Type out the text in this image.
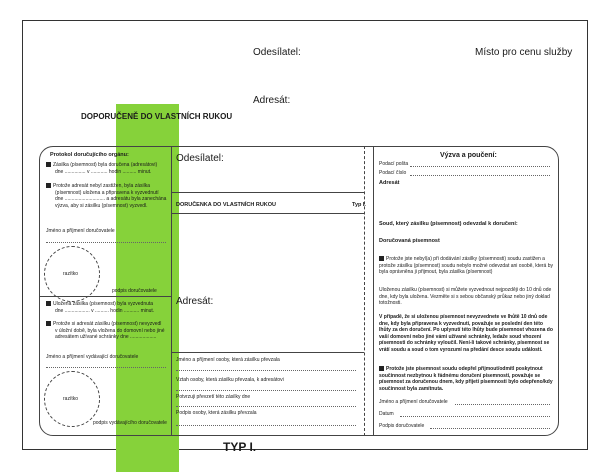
Odesílatel:	Místo pro cenu služby
Adresát:
DOPORUČENĚ DO VLASTNÍCH RUKOU
Protokol doručujícího orgánu:
Zásilka (písemnost) byla doručena (adresátovi)
dne ............... v ............ hodin .......... minut.
Protože adresát nebyl zastižen, byla zásilka
(písemnost) uložena a připravena k vyzvednutí
dne ............................. a adresátu byla zanechána
výzva, aby si zásilku (písemnost) vyzvedl.
Jméno a příjmení doručovatele
razítko
podpis doručovatele
Uložená zásilka (písemnost) byla vyzvednuta
dne .................. v .......... hodin ........... minut.
Protože si adresát zásilku (písemnost) nevyzvedl
v úložní době, byla vložena do domovní nebo jiné
adresátem užívané schránky dne ...................
Jméno a příjmení vydávající doručovatele
razítko
podpis vydávajícího doručovatele
Odesílatel:
DORUČENKA DO VLASTNÍCH RUKOU	Typ I.
Adresát:
Jméno a příjmení osoby, která zásilku převzala
Vztah osoby, která zásilku převzala, k adresátovi
Potvrzuji převzetí této zásilky dne
Podpis osoby, která zásilku převzala
Výzva a poučení:
Podací pošta
Podací číslo
Adresát
Soud, který zásilku (písemnost) odevzdal k doručení:
Doručovaná písemnost
Protože jste nebyl(a) při dodávání zásilky (písemnosti) soudu zastižen a protože zásilku (písemnost) soudu nebylo možné odevzdat ani osobě, která by byla oprávněna ji přijmout, byla zásilka (písemnost)
Uloženou zásilku (písemnost) si můžete vyzvednout nejpozději do 10 dnů ode dne, kdy byla uložena. Vezměte si s sebou občanský průkaz nebo jiný doklad totožnosti.
V případě, že si uloženou písemnost nevyzvednete ve lhůtě 10 dnů ode dne, kdy byla připravena k vyzvednutí, považuje se poslední den této lhůty za den doručení. Po uplynutí této lhůty bude písemnost vhozena do vaší domovní nebo jiné vámi užívané schránky, ledaže soud vhození písemnosti do schránky vyloučil. Není-li takové schránky, písemnost se vrátí soudu a soud o tom vyrozumí na předání desce soudu událostí.
Protože jste písemnost soudu odepřel přijmout/odmítl poskytnout součinnost nezbytnou k řádnému doručení písemnosti, považuje se písemnost za doručenou dnem, kdy přijetí písemnosti bylo odepřeno/kdy součinnost byla zamítnuta.
Jméno a příjmení doručovatele
Datum
Podpis doručovatele
TYP I.
